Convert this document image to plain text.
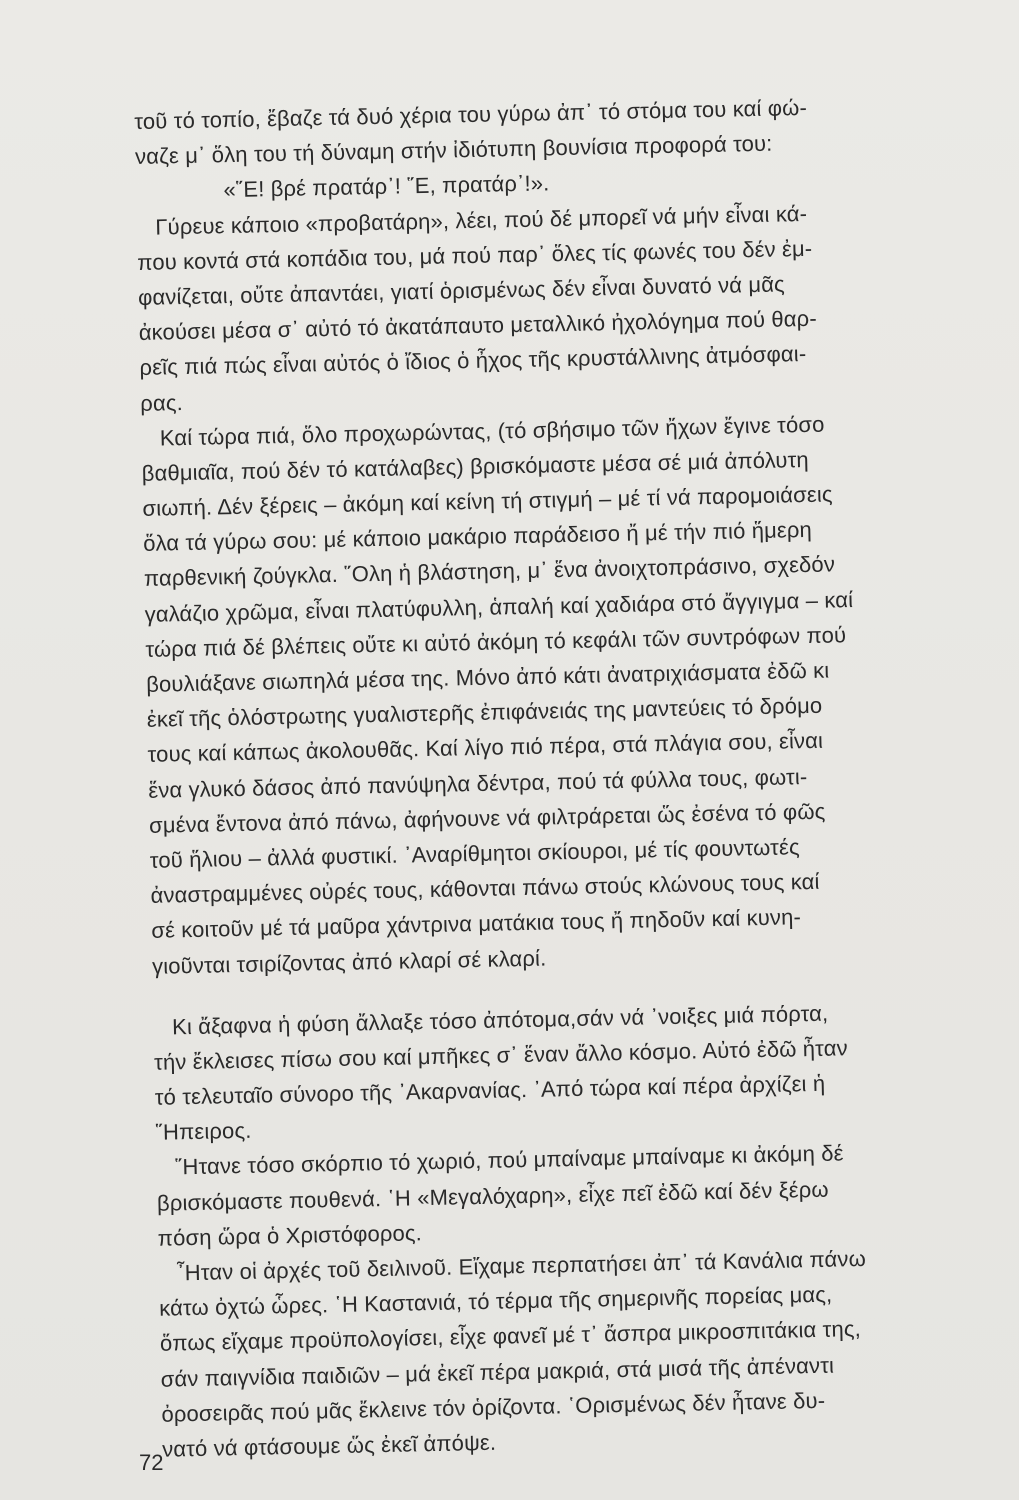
τοῦ τό τοπίο, ἔβαζε τά δυό χέρια του γύρω ἀπ᾽ τό στόμα του καί φώ-
ναζε μ᾽ ὅλη του τή δύναμη στήν ἰδιότυπη βουνίσια προφορά του:
«῞Ε! βρέ πρατάρ᾽! ῞Ε, πρατάρ᾽!».
Γύρευε κάποιο «προβατάρη», λέει, πού δέ μπορεῖ νά μήν εἶναι κά-
που κοντά στά κοπάδια του, μά πού παρ᾽ ὅλες τίς φωνές του δέν ἐμ-
φανίζεται, οὔτε ἀπαντάει, γιατί ὁρισμένως δέν εἶναι δυνατό νά μᾶς
ἀκούσει μέσα σ᾽ αὐτό τό ἀκατάπαυτο μεταλλικό ἠχολόγημα πού θαρ-
ρεῖς πιά πώς εἶναι αὐτός ὁ ἴδιος ὁ ἦχος τῆς κρυστάλλινης ἀτμόσφαι-
ρας.
Καί τώρα πιά, ὅλο προχωρώντας, (τό σβήσιμο τῶν ἤχων ἔγινε τόσο
βαθμιαῖα, πού δέν τό κατάλαβες) βρισκόμαστε μέσα σέ μιά ἀπόλυτη
σιωπή. Δέν ξέρεις – ἀκόμη καί κείνη τή στιγμή – μέ τί νά παρομοιάσεις
ὅλα τά γύρω σου: μέ κάποιο μακάριο παράδεισο ἤ μέ τήν πιό ἥμερη
παρθενική ζούγκλα. ῞Ολη ἡ βλάστηση, μ᾽ ἕνα ἀνοιχτοπράσινο, σχεδόν
γαλάζιο χρῶμα, εἶναι πλατύφυλλη, ἁπαλή καί χαδιάρα στό ἄγγιγμα – καί
τώρα πιά δέ βλέπεις οὔτε κι αὐτό ἀκόμη τό κεφάλι τῶν συντρόφων πού
βουλιάξανε σιωπηλά μέσα της. Μόνο ἀπό κάτι ἀνατριχιάσματα ἐδῶ κι
ἐκεῖ τῆς ὁλόστρωτης γυαλιστερῆς ἐπιφάνειάς της μαντεύεις τό δρόμο
τους καί κάπως ἀκολουθᾶς. Καί λίγο πιό πέρα, στά πλάγια σου, εἶναι
ἕνα γλυκό δάσος ἀπό πανύψηλα δέντρα, πού τά φύλλα τους, φωτι-
σμένα ἔντονα ἀπό πάνω, ἀφήνουνε νά φιλτράρεται ὥς ἐσένα τό φῶς
τοῦ ἥλιου – ἀλλά φυστικί. ᾽Αναρίθμητοι σκίουροι, μέ τίς φουντωτές
ἀναστραμμένες οὐρές τους, κάθονται πάνω στούς κλώνους τους καί
σέ κοιτοῦν μέ τά μαῦρα χάντρινα ματάκια τους ἤ πηδοῦν καί κυνη-
γιοῦνται τσιρίζοντας ἀπό κλαρί σέ κλαρί.
Κι ἄξαφνα ἡ φύση ἄλλαξε τόσο ἀπότομα,σάν νά ᾽νοιξες μιά πόρτα,
τήν ἔκλεισες πίσω σου καί μπῆκες σ᾽ ἕναν ἄλλο κόσμο. Αὐτό ἐδῶ ἦταν
τό τελευταῖο σύνορο τῆς ᾽Ακαρνανίας. ᾽Από τώρα καί πέρα ἀρχίζει ἡ
῞Ηπειρος.
῞Ητανε τόσο σκόρπιο τό χωριό, πού μπαίναμε μπαίναμε κι ἀκόμη δέ
βρισκόμαστε πουθενά. ῾Η «Μεγαλόχαρη», εἶχε πεῖ ἐδῶ καί δέν ξέρω
πόση ὥρα ὁ Χριστόφορος.
῏Ηταν οἱ ἀρχές τοῦ δειλινοῦ. Εἴχαμε περπατήσει ἀπ᾽ τά Κανάλια πάνω
κάτω ὀχτώ ὧρες. ῾Η Καστανιά, τό τέρμα τῆς σημερινῆς πορείας μας,
ὅπως εἴχαμε προϋπολογίσει, εἶχε φανεῖ μέ τ᾽ ἄσπρα μικροσπιτάκια της,
σάν παιγνίδια παιδιῶν – μά ἐκεῖ πέρα μακριά, στά μισά τῆς ἀπέναντι
ὀροσειρᾶς πού μᾶς ἔκλεινε τόν ὁρίζοντα. ῾Ορισμένως δέν ἦτανε δυ-
νατό νά φτάσουμε ὥς ἐκεῖ ἀπόψε.
72
